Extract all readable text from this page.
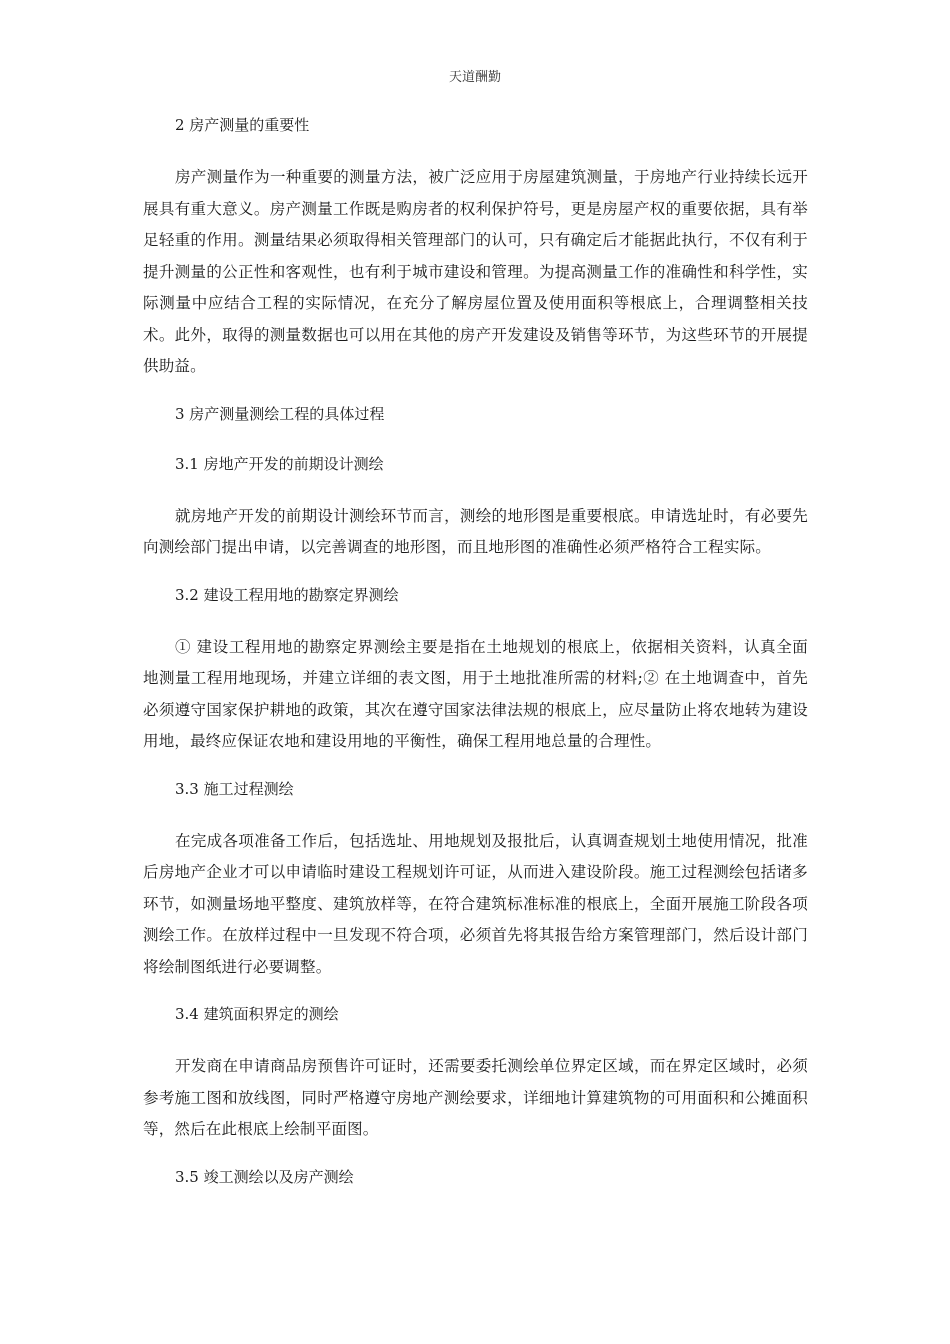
天道酬勤
2 房产测量的重要性

房产测量作为一种重要的测量方法，被广泛应用于房屋建筑测量，于房地产行业持续长远开展具有重大意义。房产测量工作既是购房者的权利保护符号，更是房屋产权的重要依据，具有举足轻重的作用。测量结果必须取得相关管理部门的认可，只有确定后才能据此执行，不仅有利于提升测量的公正性和客观性，也有利于城市建设和管理。为提高测量工作的准确性和科学性，实际测量中应结合工程的实际情况，在充分了解房屋位置及使用面积等根底上，合理调整相关技术。此外，取得的测量数据也可以用在其他的房产开发建设及销售等环节，为这些环节的开展提供助益。

3 房产测量测绘工程的具体过程
3.1 房地产开发的前期设计测绘

就房地产开发的前期设计测绘环节而言，测绘的地形图是重要根底。申请选址时，有必要先向测绘部门提出申请，以完善调查的地形图，而且地形图的准确性必须严格符合工程实际。

3.2 建设工程用地的勘察定界测绘

① 建设工程用地的勘察定界测绘主要是指在土地规划的根底上，依据相关资料，认真全面地测量工程用地现场，并建立详细的表文图，用于土地批准所需的材料;② 在土地调查中，首先必须遵守国家保护耕地的政策，其次在遵守国家法律法规的根底上，应尽量防止将农地转为建设用地，最终应保证农地和建设用地的平衡性，确保工程用地总量的合理性。

3.3 施工过程测绘

在完成各项准备工作后，包括选址、用地规划及报批后，认真调查规划土地使用情况，批准后房地产企业才可以申请临时建设工程规划许可证，从而进入建设阶段。施工过程测绘包括诸多环节，如测量场地平整度、建筑放样等，在符合建筑标准标准的根底上，全面开展施工阶段各项测绘工作。在放样过程中一旦发现不符合项，必须首先将其报告给方案管理部门，然后设计部门将绘制图纸进行必要调整。

3.4 建筑面积界定的测绘

开发商在申请商品房预售许可证时，还需要委托测绘单位界定区域，而在界定区域时，必须参考施工图和放线图，同时严格遵守房地产测绘要求，详细地计算建筑物的可用面积和公摊面积等，然后在此根底上绘制平面图。

3.5 竣工测绘以及房产测绘
